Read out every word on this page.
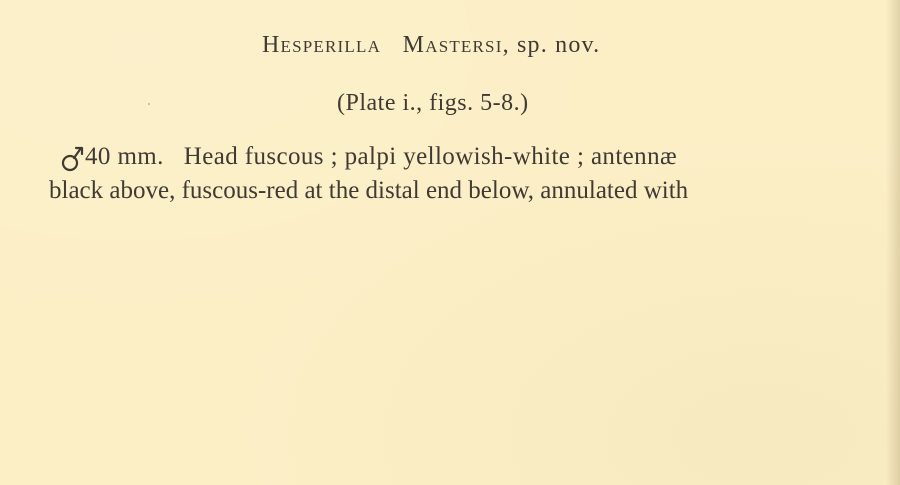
Hesperilla Mastersi, sp. nov.
(Plate i., figs. 5-8.)
40 mm. Head fuscous ; palpi yellowish-white ; antennæ
black above, fuscous-red at the distal end below, annulated with
